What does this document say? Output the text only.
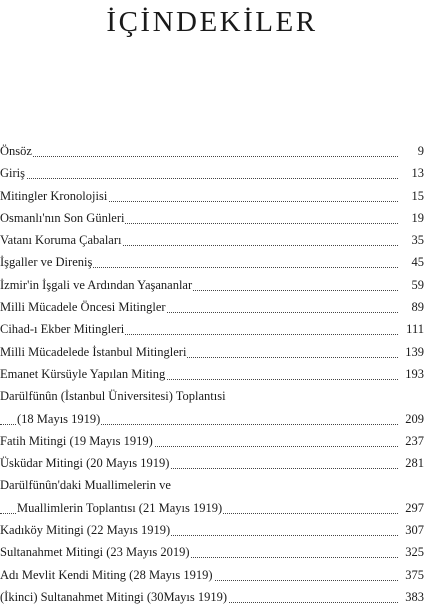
İÇİNDEKİLER
Önsöz	9
Giriş	13
Mitingler Kronolojisi	15
Osmanlı'nın Son Günleri	19
Vatanı Koruma Çabaları	35
İşgaller ve Direniş	45
İzmir'in İşgali ve Ardından Yaşananlar	59
Milli Mücadele Öncesi Mitingler	89
Cihad-ı Ekber Mitingleri	111
Milli Mücadelede İstanbul Mitingleri	139
Emanet Kürsüyle Yapılan Miting	193
Darülfünûn (İstanbul Üniversitesi) Toplantısi
(18 Mayıs 1919)	209
Fatih Mitingi (19 Mayıs 1919)	237
Üsküdar Mitingi (20 Mayıs 1919)	281
Darülfünûn'daki Muallimelerin ve
Muallimlerin Toplantısı (21 Mayıs 1919)	297
Kadıköy Mitingi (22 Mayıs 1919)	307
Sultanahmet Mitingi (23 Mayıs 2019)	325
Adı Mevlit Kendi Miting (28 Mayıs 1919)	375
(İkinci) Sultanahmet Mitingi (30Mayıs 1919)	383
